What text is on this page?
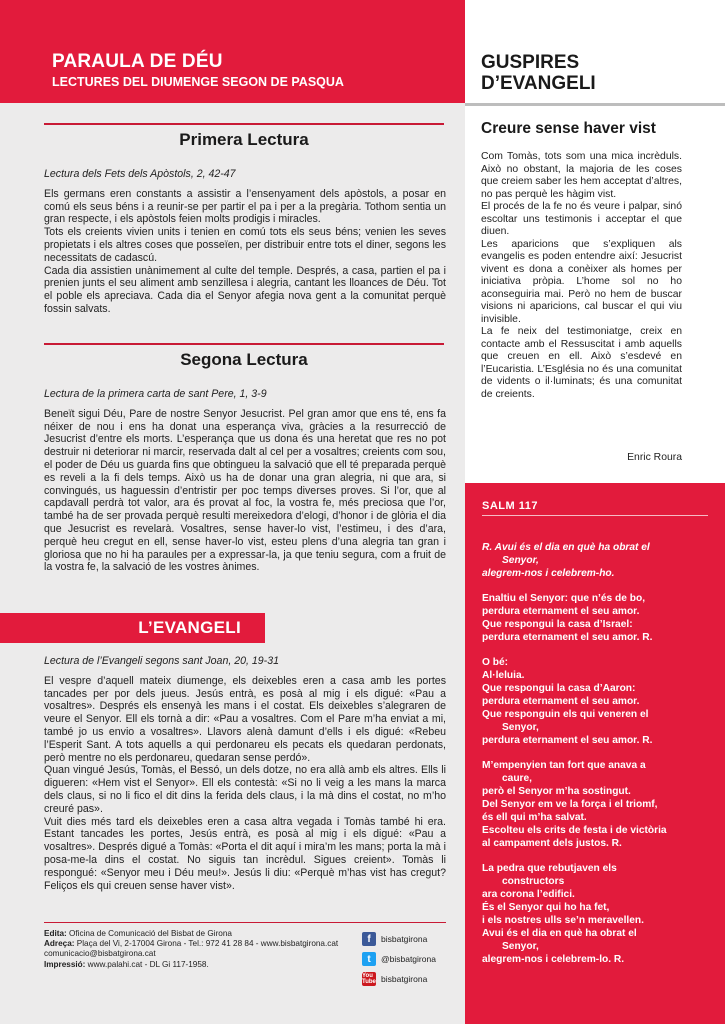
PARAULA DE DÉU
LECTURES DEL DIUMENGE SEGON DE PASQUA
GUSPIRES
D’EVANGELI
Primera Lectura
Lectura dels Fets dels Apòstols, 2, 42-47

Els germans eren constants a assistir a l’ensenyament dels apòstols, a posar en comú els seus béns i a reunir-se per partir el pa i per a la pregària. Tothom sentia un gran respecte, i els apòstols feien molts prodigis i miracles.

Tots els creients vivien units i tenien en comú tots els seus béns; venien les seves propietats i els altres coses que posseïen, per distribuir entre tots el diner, segons les necessitats de cadascú.

Cada dia assistien unànimement al culte del temple. Després, a casa, partien el pa i prenien junts el seu aliment amb senzillesa i alegria, cantant les lloances de Déu. Tot el poble els apreciava. Cada dia el Senyor afegia nova gent a la comunitat perquè fossin salvats.

Segona Lectura
Lectura de la primera carta de sant Pere, 1, 3-9

Beneït sigui Déu, Pare de nostre Senyor Jesucrist. Pel gran amor que ens té, ens fa néixer de nou i ens ha donat una esperança viva, gràcies a la resurrecció de Jesucrist d’entre els morts. L’esperança que us dona és una heretat que res no pot destruir ni deteriorar ni marcir, reservada dalt al cel per a vosaltres; creients com sou, el poder de Déu us guarda fins que obtingueu la salvació que ell té preparada perquè es reveli a la fi dels temps. Això us ha de donar una gran alegria, ni que ara, si convingués, us haguessin d’entristir per poc temps diverses proves. Si l’or, que al capdavall perdrà tot valor, ara és provat al foc, la vostra fe, més preciosa que l’or, també ha de ser provada perquè resulti mereixedora d’elogi, d’honor i de glòria el dia que Jesucrist es revelarà. Vosaltres, sense haver-lo vist, l’estimeu, i des d’ara, perquè heu cregut en ell, sense haver-lo vist, esteu plens d’una alegria tan gran i gloriosa que no hi ha paraules per a expressar-la, ja que teniu segura, com a fruit de la vostra fe, la salvació de les vostres ànimes.

L’EVANGELI
Lectura de l’Evangeli segons sant Joan, 20, 19-31

El vespre d’aquell mateix diumenge, els deixebles eren a casa amb les portes tancades per por dels jueus. Jesús entrà, es posà al mig i els digué: «Pau a vosaltres». Després els ensenyà les mans i el costat. Els deixebles s’alegraren de veure el Senyor. Ell els tornà a dir: «Pau a vosaltres. Com el Pare m’ha enviat a mi, també jo us envio a vosaltres». Llavors alenà damunt d’ells i els digué: «Rebeu l’Esperit Sant. A tots aquells a qui perdonareu els pecats els quedaran perdonats, però mentre no els perdonareu, quedaran sense perdó».

Quan vingué Jesús, Tomàs, el Bessó, un dels dotze, no era allà amb els altres. Ells li digueren: «Hem vist el Senyor». Ell els contestà: «Si no li veig a les mans la marca dels claus, si no li fico el dit dins la ferida dels claus, i la mà dins el costat, no m’ho creuré pas».

Vuit dies més tard els deixebles eren a casa altra vegada i Tomàs també hi era. Estant tancades les portes, Jesús entrà, es posà al mig i els digué: «Pau a vosaltres». Després digué a Tomàs: «Porta el dit aquí i mira’m les mans; porta la mà i posa-me-la dins el costat. No siguis tan incrèdul. Sigues creient». Tomàs li respongué: «Senyor meu i Déu meu!». Jesús li diu: «Perquè m’has vist has cregut? Feliços els qui creuen sense haver vist».

Edita: Oficina de Comunicació del Bisbat de Girona
Adreça: Plaça del Vi, 2-17004 Girona - Tel.: 972 41 28 84 - www.bisbatgirona.cat
comunicacio@bisbatgirona.cat
Impressió: www.palahi.cat - DL Gi 117-1958.
f	bisbatgirona
t	@bisbatgirona
You Tube bisbatgirona
Creure sense haver vist

Com Tomàs, tots som una mica incrèduls. Això no obstant, la majoria de les coses que creiem saber les hem acceptat d’altres, no pas perquè les hàgim vist.

El procés de la fe no és veure i palpar, sinó escoltar uns testimonis i acceptar el que diuen.

Les aparicions que s’expliquen als evangelis es poden entendre així: Jesucrist vivent es dona a conèixer als homes per iniciativa pròpia. L’home sol no ho aconseguiria mai. Però no hem de buscar visions ni aparicions, cal buscar el qui viu invisible.

La fe neix del testimoniatge, creix en contacte amb el Ressuscitat i amb aquells que creuen en ell. Això s’esdevé en l’Eucaristia. L’Església no és una comunitat de vidents o il·luminats; és una comunitat de creients.

Enric Roura
SALM 117
R. Avui és el dia en què ha obrat el
Senyor,
alegrem-nos i celebrem-ho.
Enaltiu el Senyor: que n’és de bo,
perdura eternament el seu amor.
Que respongui la casa d’Israel:
perdura eternament el seu amor. R.
O bé:
Al·leluia.
Que respongui la casa d’Aaron:
perdura eternament el seu amor.
Que responguin els qui veneren el
Senyor,
perdura eternament el seu amor. R.
M’empenyien tan fort que anava a
caure,
però el Senyor m’ha sostingut.
Del Senyor em ve la força i el triomf,
és ell qui m’ha salvat.
Escolteu els crits de festa i de victòria
al campament dels justos. R.
La pedra que rebutjaven els
constructors
ara corona l’edifici.
És el Senyor qui ho ha fet,
i els nostres ulls se’n meravellen.
Avui és el dia en què ha obrat el
Senyor,
alegrem-nos i celebrem-lo. R.
